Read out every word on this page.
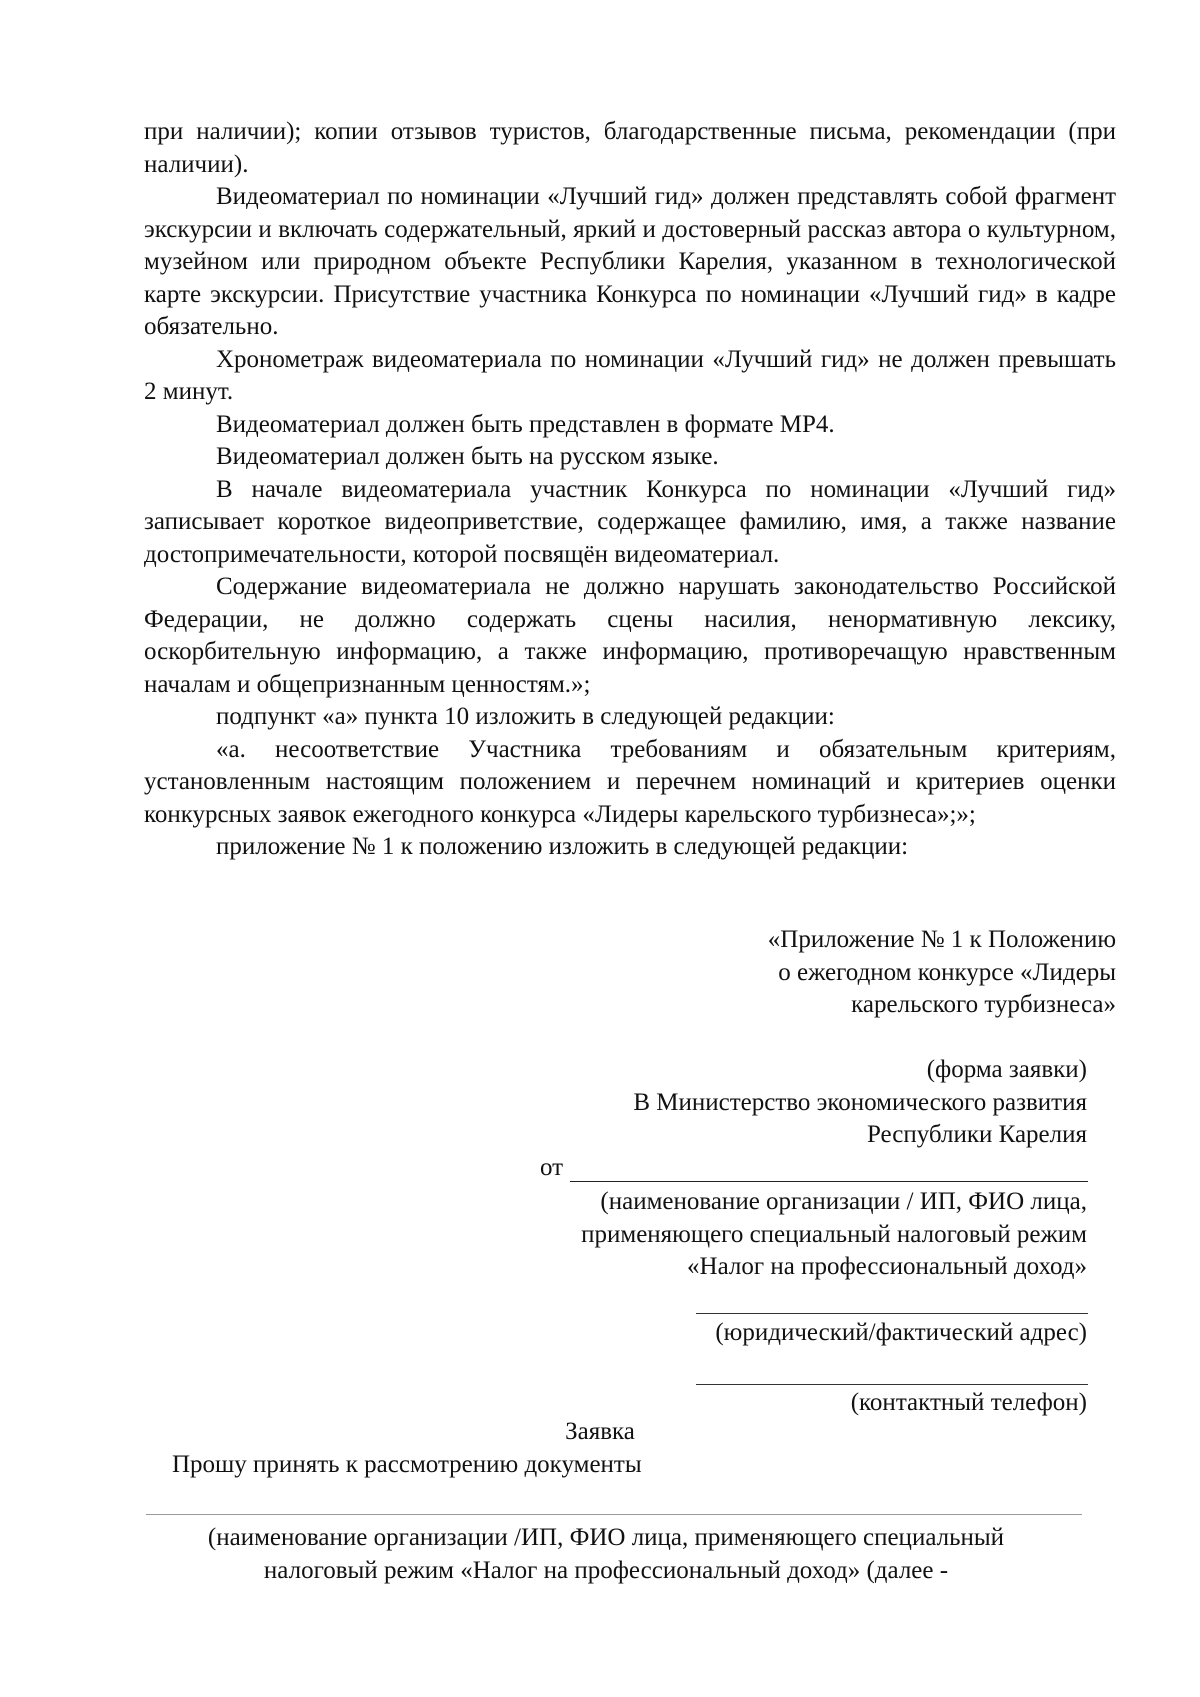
при наличии); копии отзывов туристов, благодарственные письма, рекомендации (при наличии).

Видеоматериал по номинации «Лучший гид» должен представлять собой фрагмент экскурсии и включать содержательный, яркий и достоверный рассказ автора о культурном, музейном или природном объекте Республики Карелия, указанном в технологической карте экскурсии. Присутствие участника Конкурса по номинации «Лучший гид» в кадре обязательно.

Хронометраж видеоматериала по номинации «Лучший гид» не должен превышать 2 минут.

Видеоматериал должен быть представлен в формате МР4.

Видеоматериал должен быть на русском языке.

В начале видеоматериала участник Конкурса по номинации «Лучший гид» записывает короткое видеоприветствие, содержащее фамилию, имя, а также название достопримечательности, которой посвящён видеоматериал.

Содержание видеоматериала не должно нарушать законодательство Российской Федерации, не должно содержать сцены насилия, ненормативную лексику, оскорбительную информацию, а также информацию, противоречащую нравственным началам и общепризнанным ценностям.»;

подпункт «а» пункта 10 изложить в следующей редакции:

«а. несоответствие Участника требованиям и обязательным критериям, установленным настоящим положением и перечнем номинаций и критериев оценки конкурсных заявок ежегодного конкурса «Лидеры карельского турбизнеса»;»;

приложение № 1 к положению изложить в следующей редакции:

«Приложение № 1 к Положению
о ежегодном конкурсе «Лидеры
карельского турбизнеса»
(форма заявки)
В Министерство экономического развития
Республики Карелия
от
(наименование организации / ИП, ФИО лица,
применяющего специальный налоговый режим
«Налог на профессиональный доход»
(юридический/фактический адрес)
(контактный телефон)
Заявка
Прошу принять к рассмотрению документы
(наименование организации /ИП, ФИО лица, применяющего специальный
налоговый режим «Налог на профессиональный доход» (далее -
